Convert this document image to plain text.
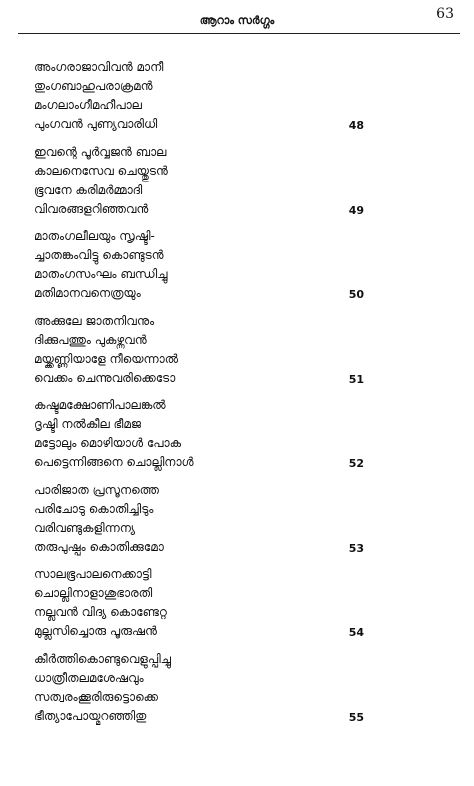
ആറാം സർഗ്ഗം	63
അംഗരാജാവിവൻ മാനീ
തുംഗബാഹുപരാക്രമൻ
മംഗലാംഗീമഹീപാല
പുംഗവൻ പുണ്യവാരിധി	48
ഇവന്റെ പൂർവ്വജൻ ബാല
കാലനെസേവ ചെയ്തുടൻ
ഭൂവനേ കരിമർമ്മാദി
വിവരങ്ങളറിഞ്ഞവൻ	49
മാതംഗലീലയും സൃഷ്ടി-
ച്ചാതങ്കംവിട്ടു കൊണ്ടുടൻ
മാതംഗസംഘം ബന്ധിച്ചു
മതിമാനവനെത്രയും	50
അക്കുലേ ജാതനിവനും
ദിക്കുപത്തും പുകഴ്ന്നവൻ
മയ്ക്കണ്ണിയാളേ നീയെന്നാൽ
വെക്കം ചെന്നുവരിക്കെടോ	51
കഷ്ടമക്ഷോണിപാലങ്കൽ
ദൃഷ്ടി നൽകീല ഭീമജ
മട്ടോലും മൊഴിയാൾ പോക
പെട്ടെന്നിങ്ങനെ ചൊല്ലിനാൾ	52
പാരിജാത പ്രസൂനത്തെ
പരിചോടു കൊതിച്ചിടും
വരിവണ്ടുകളിന്നന്യ
തരുപുഷ്പം കൊതിക്കുമോ	53
സാലഭൂപാലനെക്കാട്ടി
ചൊല്ലിനാളാശുഭാരതി
നല്ലവൻ വിദ്യ കൊണ്ടേറ്റ
മുല്ലസിച്ചൊരു പൂരുഷൻ	54
കീർത്തികൊണ്ടുവെളുപ്പിച്ചു
ധാത്രീതലമശേഷവും
സത്വരംക്കൂരിരുട്ടൊക്കെ
ഭീത്യാപോയ്മറഞ്ഞിതു	55
